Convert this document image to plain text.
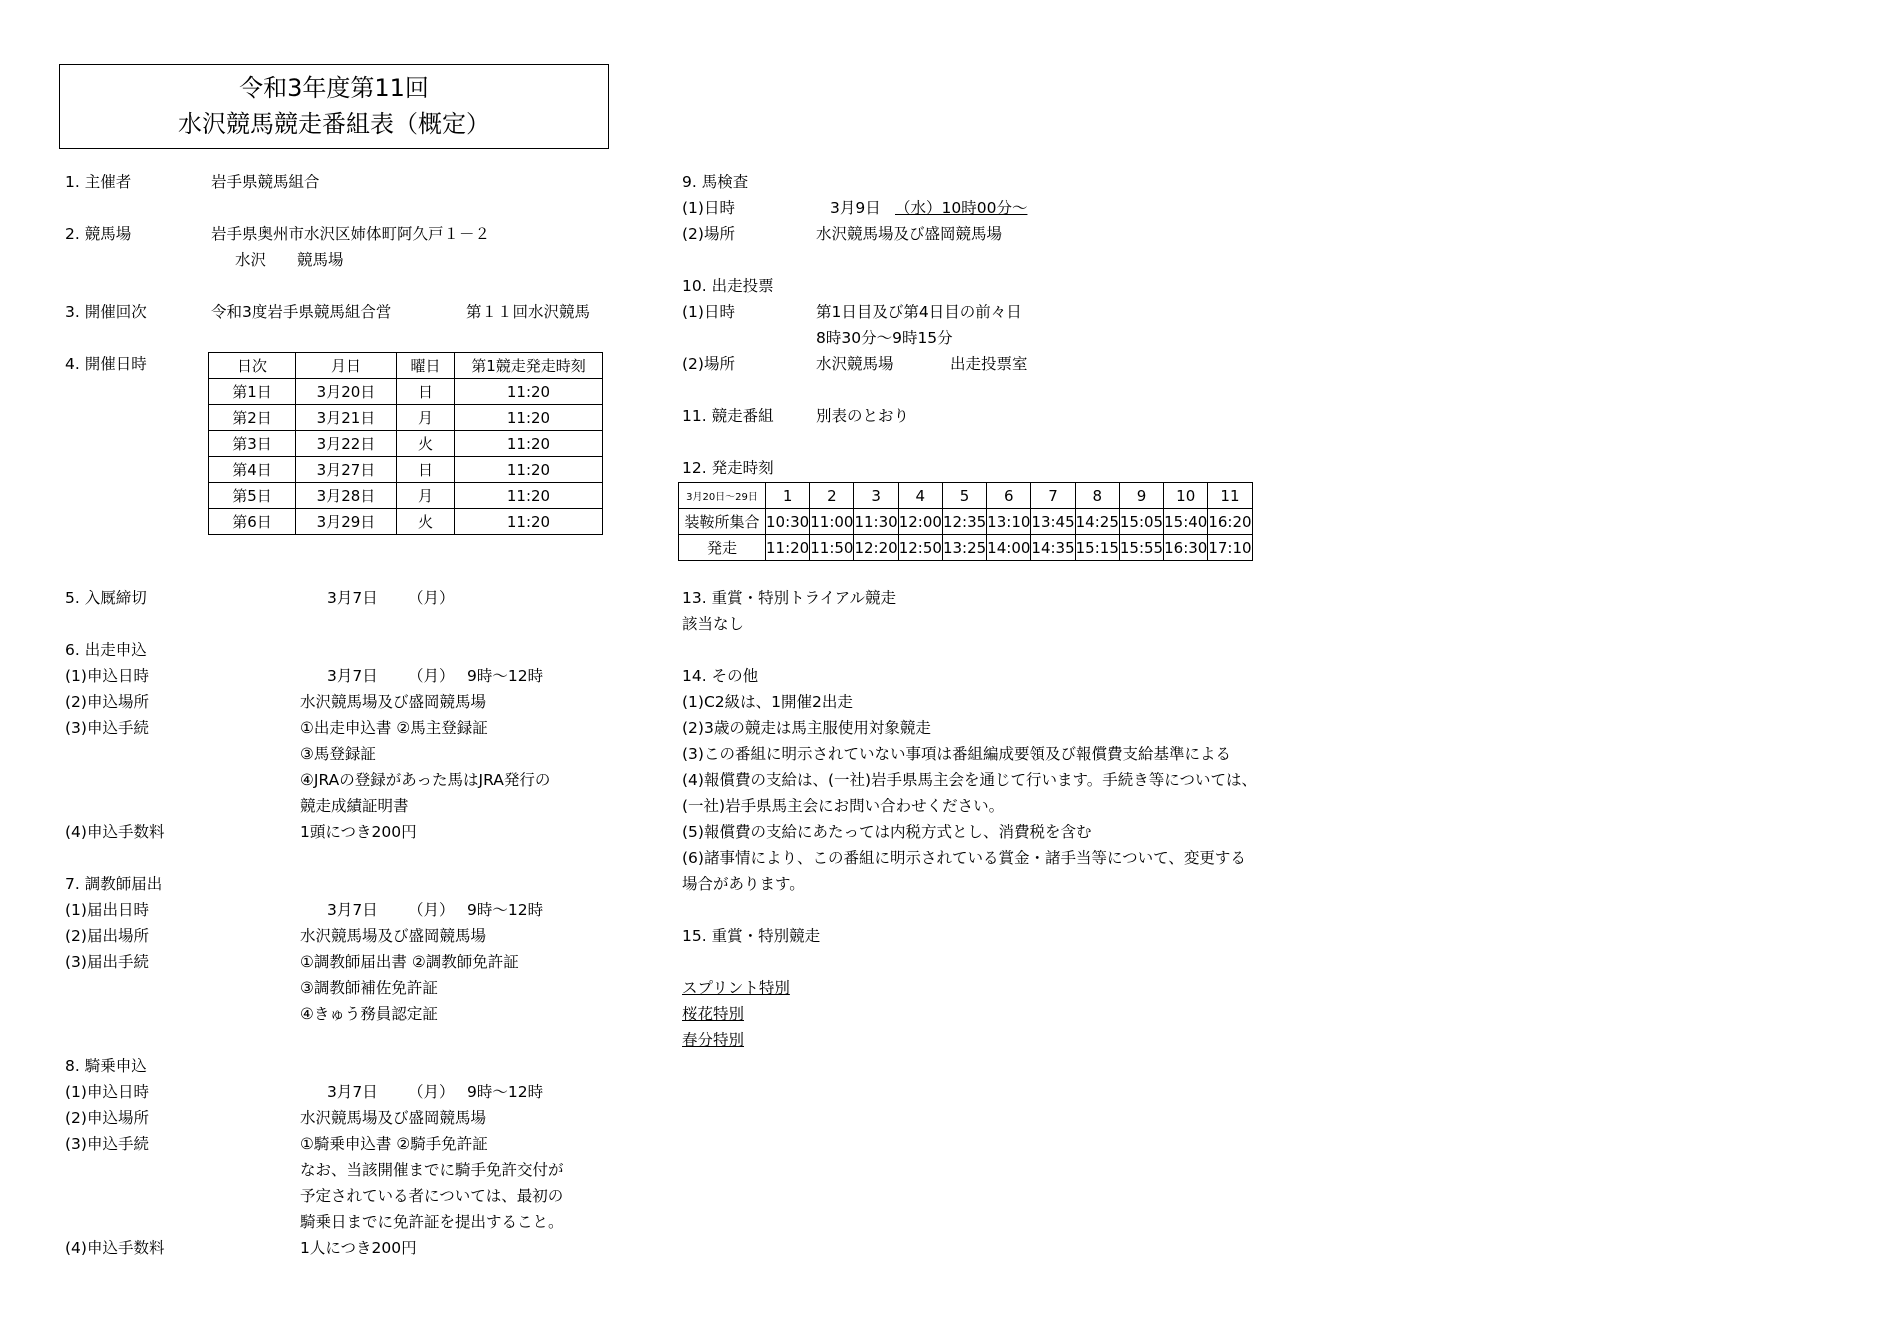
令和3年度第11回
水沢競馬競走番組表（概定）
1. 主催者	岩手県競馬組合
2. 競馬場	岩手県奥州市水沢区姉体町阿久戸１－２
水沢　　競馬場
3. 開催回次	令和3度岩手県競馬組合営	第１１回水沢競馬
4. 開催日時	日次	月日	曜日	第1競走発走時刻
第1日	3月20日	日	11:20
第2日	3月21日	月	11:20
第3日	3月22日	火	11:20
第4日	3月27日	日	11:20
第5日	3月28日	月	11:20
第6日	3月29日	火	11:20
5. 入厩締切	3月7日 （月）
6. 出走申込
(1)申込日時	3月7日 （月） 9時～12時
(2)申込場所	水沢競馬場及び盛岡競馬場
(3)申込手続	①出走申込書 ②馬主登録証
③馬登録証
④JRAの登録があった馬はJRA発行の
競走成績証明書
(4)申込手数料	1頭につき200円
7. 調教師届出
(1)届出日時	3月7日 （月） 9時～12時
(2)届出場所	水沢競馬場及び盛岡競馬場
(3)届出手続	①調教師届出書 ②調教師免許証
③調教師補佐免許証
④きゅう務員認定証
8. 騎乗申込
(1)申込日時	3月7日 （月） 9時～12時
(2)申込場所	水沢競馬場及び盛岡競馬場
(3)申込手続	①騎乗申込書 ②騎手免許証
なお、当該開催までに騎手免許交付が
予定されている者については、最初の
騎乗日までに免許証を提出すること。
(4)申込手数料	1人につき200円
9. 馬検査
(1)日時	3月9日 （水）10時00分～
(2)場所	水沢競馬場及び盛岡競馬場
10. 出走投票
(1)日時	第1日目及び第4日目の前々日
8時30分～9時15分
(2)場所	水沢競馬場	出走投票室
11. 競走番組	別表のとおり
12. 発走時刻
3月20日～29日	1	2	3	4	5	6	7	8	9	10	11
装鞍所集合	10:30	11:00	11:30	12:00	12:35	13:10	13:45	14:25	15:05	15:40	16:20
発走	11:20	11:50	12:20	12:50	13:25	14:00	14:35	15:15	15:55	16:30	17:10
13. 重賞・特別トライアル競走
該当なし
14. その他
(1)C2級は、1開催2出走
(2)3歳の競走は馬主服使用対象競走
(3)この番組に明示されていない事項は番組編成要領及び報償費支給基準による
(4)報償費の支給は、(一社)岩手県馬主会を通じて行います。手続き等については、
(一社)岩手県馬主会にお問い合わせください。
(5)報償費の支給にあたっては内税方式とし、消費税を含む
(6)諸事情により、この番組に明示されている賞金・諸手当等について、変更する
場合があります。
15. 重賞・特別競走
スプリント特別
桜花特別
春分特別
